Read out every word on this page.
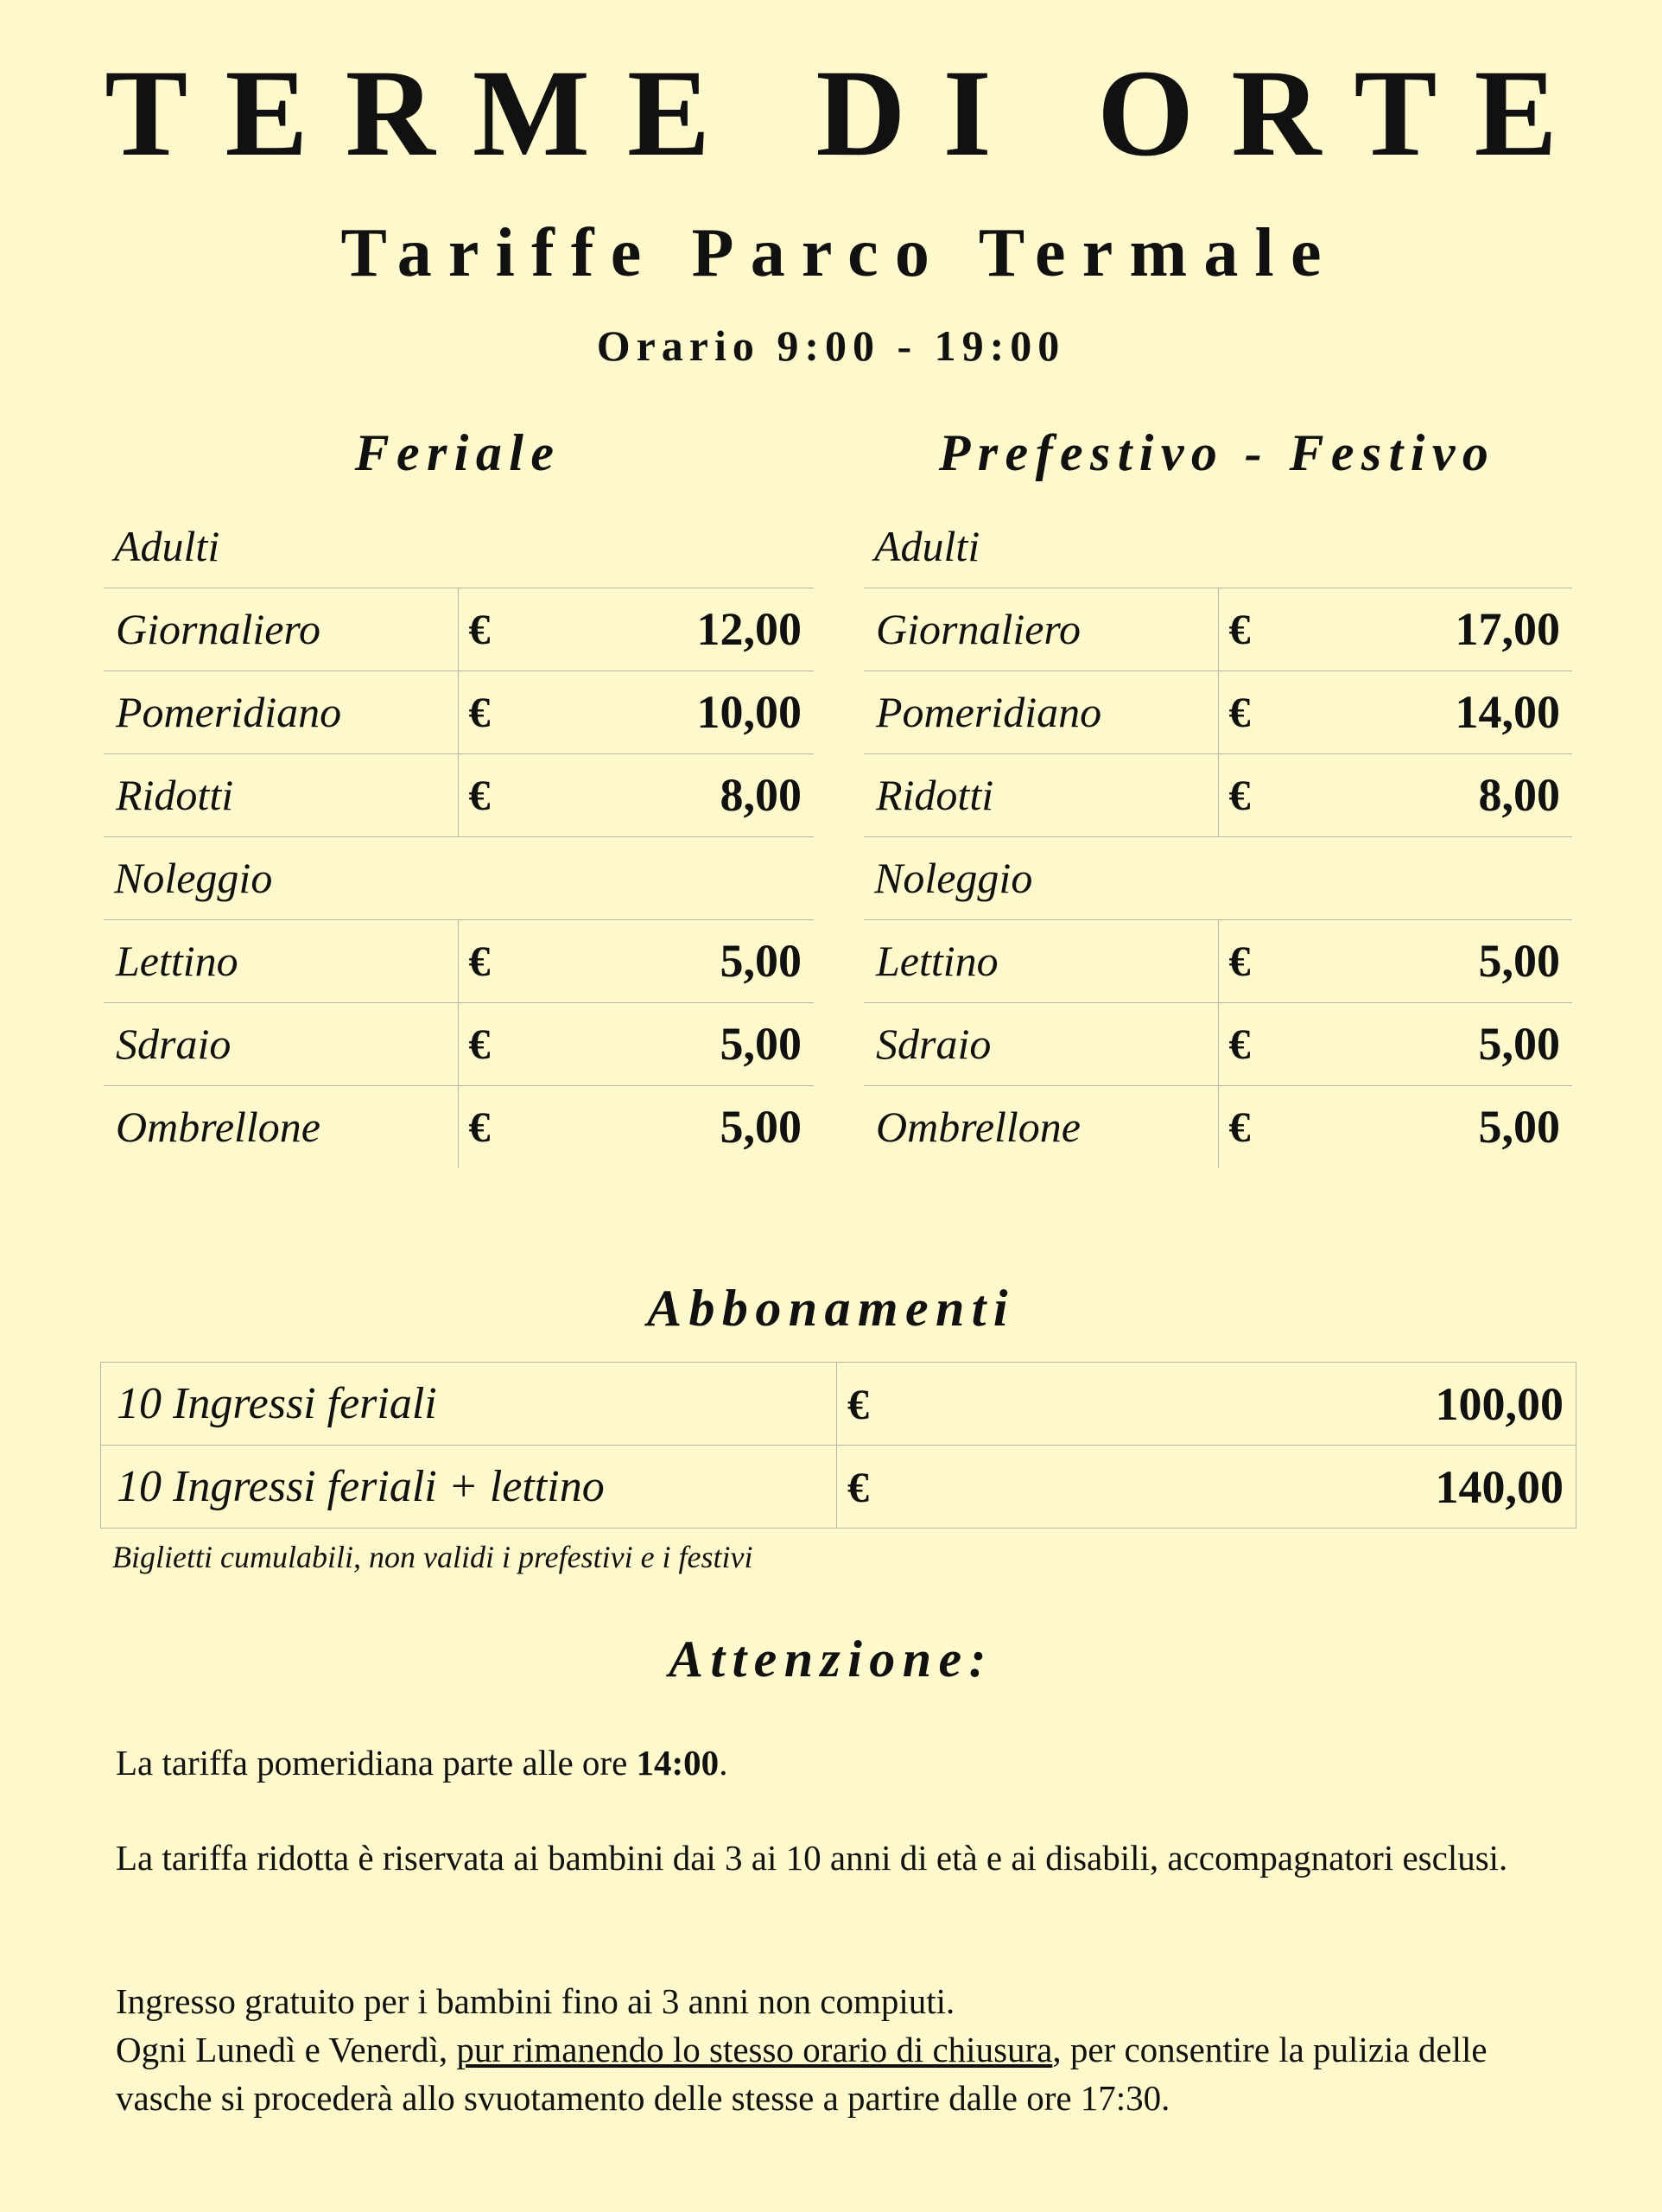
TERME DI ORTE
Tariffe Parco Termale
Orario 9:00 - 19:00
Feriale
Adulti		
Giornaliero	€	12,00
Pomeridiano	€	10,00
Ridotti	€	8,00
Noleggio		
Lettino	€	5,00
Sdraio	€	5,00
Ombrellone	€	5,00
Prefestivo - Festivo
Adulti		
Giornaliero	€	17,00
Pomeridiano	€	14,00
Ridotti	€	8,00
Noleggio		
Lettino	€	5,00
Sdraio	€	5,00
Ombrellone	€	5,00
Abbonamenti
10 Ingressi feriali	€	100,00
10 Ingressi feriali + lettino	€	140,00
Biglietti cumulabili, non validi i prefestivi e i festivi
Attenzione:
La tariffa pomeridiana parte alle ore 14:00.
La tariffa ridotta è riservata ai bambini dai 3 ai 10 anni di età e ai disabili, accompagnatori esclusi.
Ingresso gratuito per i bambini fino ai 3 anni non compiuti.
Ogni Lunedì e Venerdì, pur rimanendo lo stesso orario di chiusura, per consentire la pulizia delle vasche si procederà allo svuotamento delle stesse a partire dalle ore 17:30.
